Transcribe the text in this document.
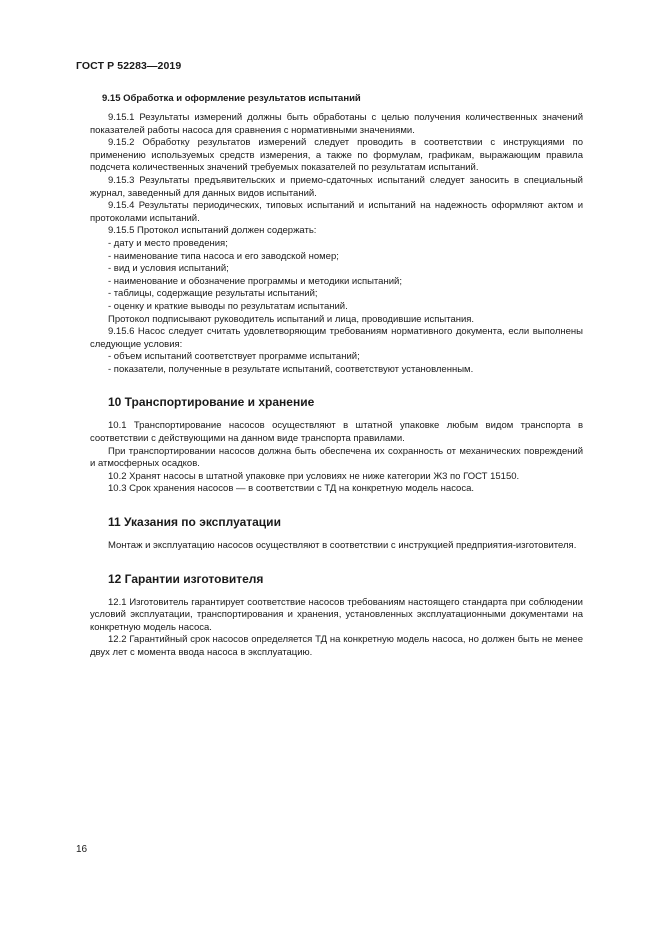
ГОСТ Р 52283—2019
9.15 Обработка и оформление результатов испытаний

9.15.1 Результаты измерений должны быть обработаны с целью получения количественных значений показателей работы насоса для сравнения с нормативными значениями.

9.15.2 Обработку результатов измерений следует проводить в соответствии с инструкциями по применению используемых средств измерения, а также по формулам, графикам, выражающим правила подсчета количественных значений требуемых показателей по результатам испытаний.

9.15.3 Результаты предъявительских и приемо-сдаточных испытаний следует заносить в специальный журнал, заведенный для данных видов испытаний.

9.15.4 Результаты периодических, типовых испытаний и испытаний на надежность оформляют актом и протоколами испытаний.

9.15.5 Протокол испытаний должен содержать:

- дату и место проведения;

- наименование типа насоса и его заводской номер;

- вид и условия испытаний;

- наименование и обозначение программы и методики испытаний;

- таблицы, содержащие результаты испытаний;

- оценку и краткие выводы по результатам испытаний.

Протокол подписывают руководитель испытаний и лица, проводившие испытания.

9.15.6 Насос следует считать удовлетворяющим требованиям нормативного документа, если выполнены следующие условия:

- объем испытаний соответствует программе испытаний;

- показатели, полученные в результате испытаний, соответствуют установленным.

10 Транспортирование и хранение

10.1 Транспортирование насосов осуществляют в штатной упаковке любым видом транспорта в соответствии с действующими на данном виде транспорта правилами.

При транспортировании насосов должна быть обеспечена их сохранность от механических повреждений и атмосферных осадков.

10.2 Хранят насосы в штатной упаковке при условиях не ниже категории Ж3 по ГОСТ 15150.

10.3 Срок хранения насосов — в соответствии с ТД на конкретную модель насоса.

11 Указания по эксплуатации

Монтаж и эксплуатацию насосов осуществляют в соответствии с инструкцией предприятия-изготовителя.

12 Гарантии изготовителя

12.1 Изготовитель гарантирует соответствие насосов требованиям настоящего стандарта при соблюдении условий эксплуатации, транспортирования и хранения, установленных эксплуатационными документами на конкретную модель насоса.

12.2 Гарантийный срок насосов определяется ТД на конкретную модель насоса, но должен быть не менее двух лет с момента ввода насоса в эксплуатацию.

16
